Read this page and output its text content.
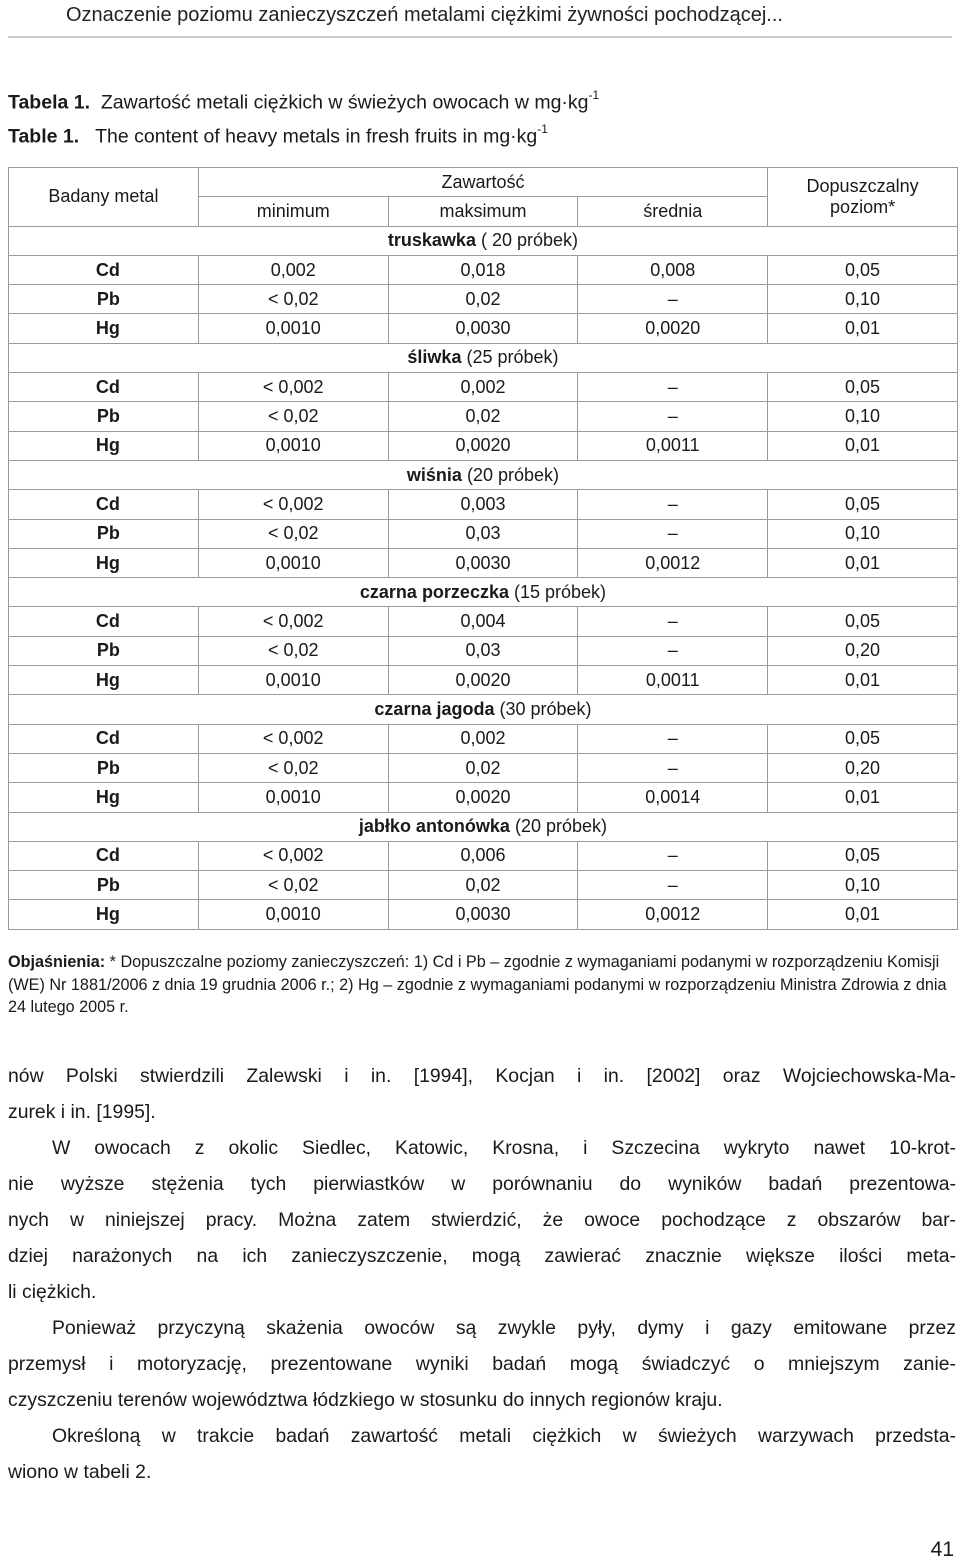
Oznaczenie poziomu zanieczyszczeń metalami ciężkimi żywności pochodzącej...
Tabela 1. Zawartość metali ciężkich w świeżych owocach w $mg\cdot kg^{-1}$
Table 1. The content of heavy metals in fresh fruits in $mg\cdot kg^{-1}$
Badany metal	Zawartość			Dopuszczalny
poziom*
	minimum	maksimum	średnia	
	truskawka ( 20 próbek)			
Cd	0,002	0,018	0,008	0,05
Pb	< 0,02	0,02	–	0,10
Hg	0,0010	0,0030	0,0020	0,01
	śliwka (25 próbek)			
Cd	< 0,002	0,002	–	0,05
Pb	< 0,02	0,02	–	0,10
Hg	0,0010	0,0020	0,0011	0,01
	wiśnia (20 próbek)			
Cd	< 0,002	0,003	–	0,05
Pb	< 0,02	0,03	–	0,10
Hg	0,0010	0,0030	0,0012	0,01
	czarna porzeczka (15 próbek)			
Cd	< 0,002	0,004	–	0,05
Pb	< 0,02	0,03	–	0,20
Hg	0,0010	0,0020	0,0011	0,01
	czarna jagoda (30 próbek)			
Cd	< 0,002	0,002	–	0,05
Pb	< 0,02	0,02	–	0,20
Hg	0,0010	0,0020	0,0014	0,01
	jabłko antonówka (20 próbek)			
Cd	< 0,002	0,006	–	0,05
Pb	< 0,02	0,02	–	0,10
Hg	0,0010	0,0030	0,0012	0,01
Objaśnienia: * Dopuszczalne poziomy zanieczyszczeń: 1) Cd i Pb – zgodnie z wymaganiami podanymi w rozporządzeniu Komisji (WE) Nr 1881/2006 z dnia 19 grudnia 2006 r.; 2) Hg – zgodnie z wymaganiami podanymi w rozporządzeniu Ministra Zdrowia z dnia 24 lutego 2005 r.
nów Polski stwierdzili Zalewski i in. [1994], Kocjan i in. [2002] oraz Wojciechowska-Ma-
zurek i in. [1995].
W owocach z okolic Siedlec, Katowic, Krosna, i Szczecina wykryto nawet 10-krot-
nie wyższe stężenia tych pierwiastków w porównaniu do wyników badań prezentowa-
nych w niniejszej pracy. Można zatem stwierdzić, że owoce pochodzące z obszarów bar-
dziej narażonych na ich zanieczyszczenie, mogą zawierać znacznie większe ilości meta-
li ciężkich.
Ponieważ przyczyną skażenia owoców są zwykle pyły, dymy i gazy emitowane przez
przemysł i motoryzację, prezentowane wyniki badań mogą świadczyć o mniejszym zanie-
czyszczeniu terenów województwa łódzkiego w stosunku do innych regionów kraju.
Określoną w trakcie badań zawartość metali ciężkich w świeżych warzywach przedsta-
wiono w tabeli 2.
41
